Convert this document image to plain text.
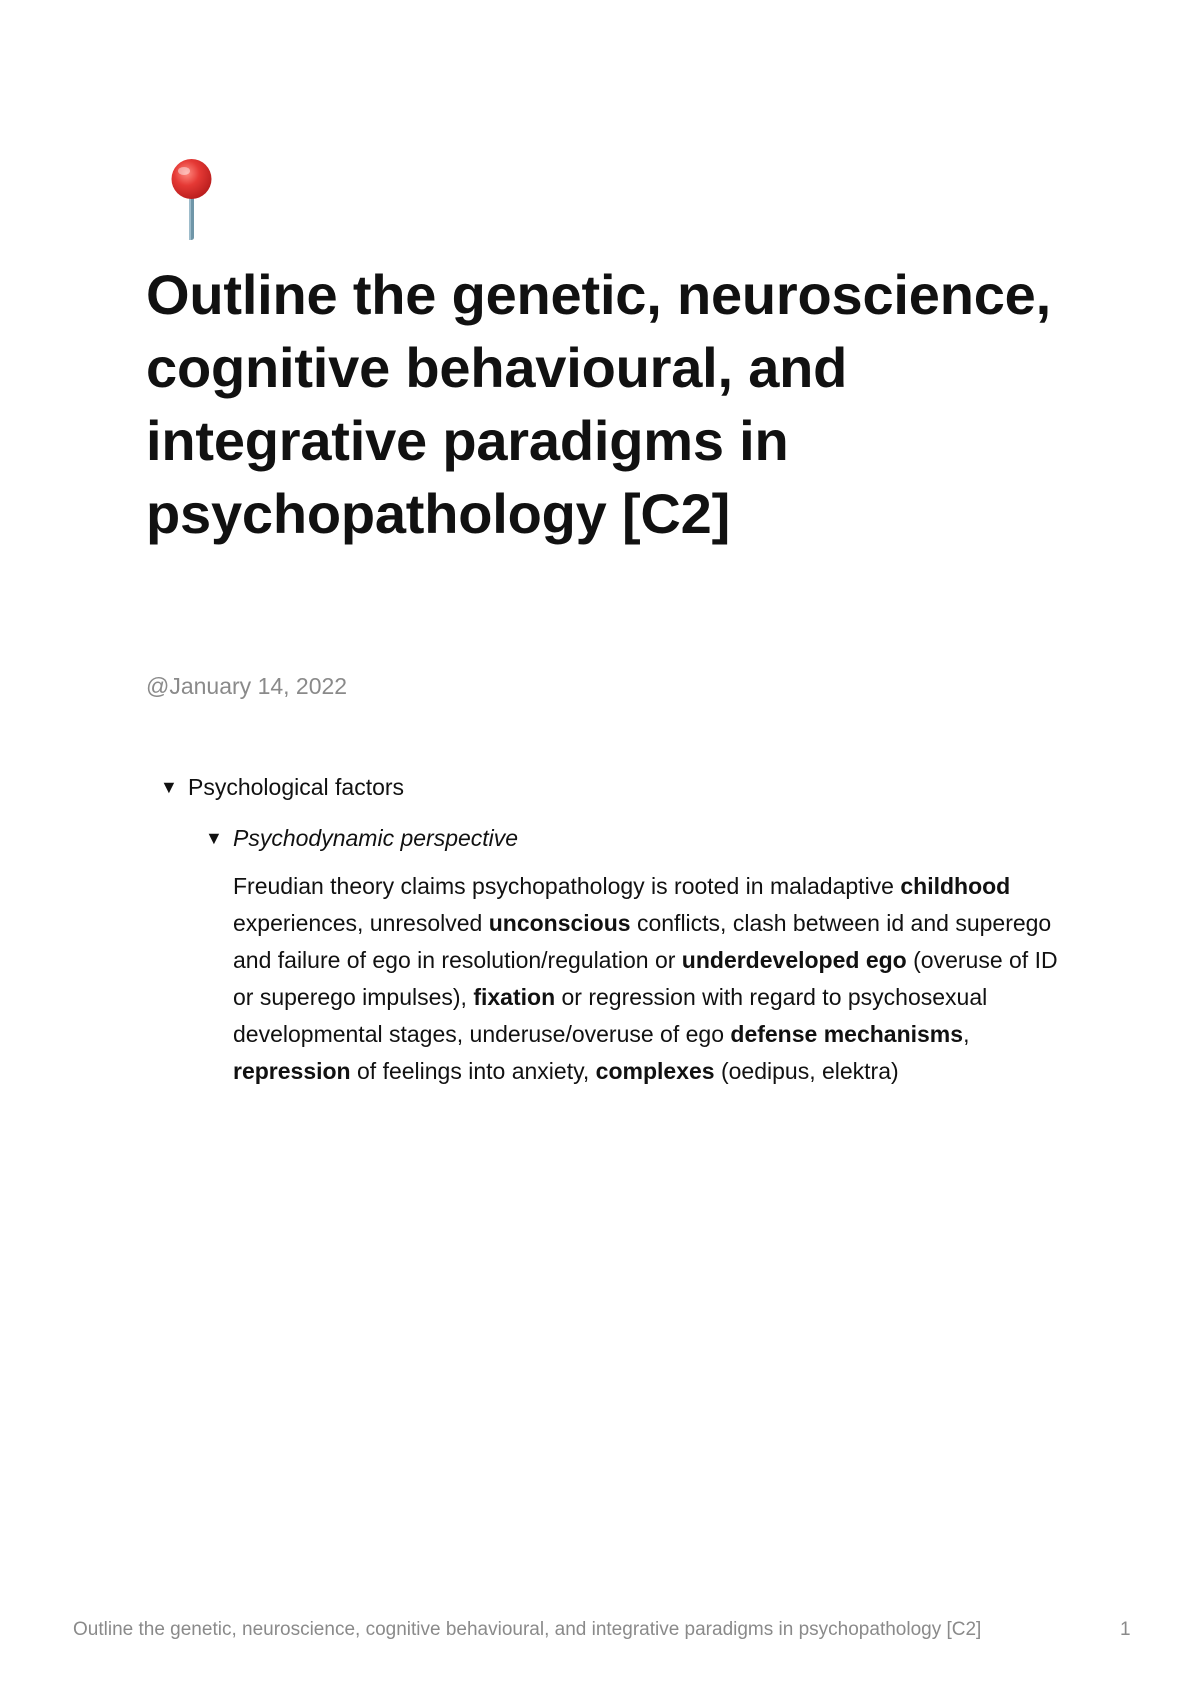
Outline the genetic, neuroscience, cognitive behavioural, and integrative paradigms in psychopathology [C2]
@January 14, 2022
▼ Psychological factors
▼ Psychodynamic perspective

Freudian theory claims psychopathology is rooted in maladaptive childhood experiences, unresolved unconscious conflicts, clash between id and superego and failure of ego in resolution/regulation or underdeveloped ego (overuse of ID or superego impulses), fixation or regression with regard to psychosexual developmental stages, underuse/overuse of ego defense mechanisms, repression of feelings into anxiety, complexes (oedipus, elektra)

Outline the genetic, neuroscience, cognitive behavioural, and integrative paradigms in psychopathology [C2]	1
